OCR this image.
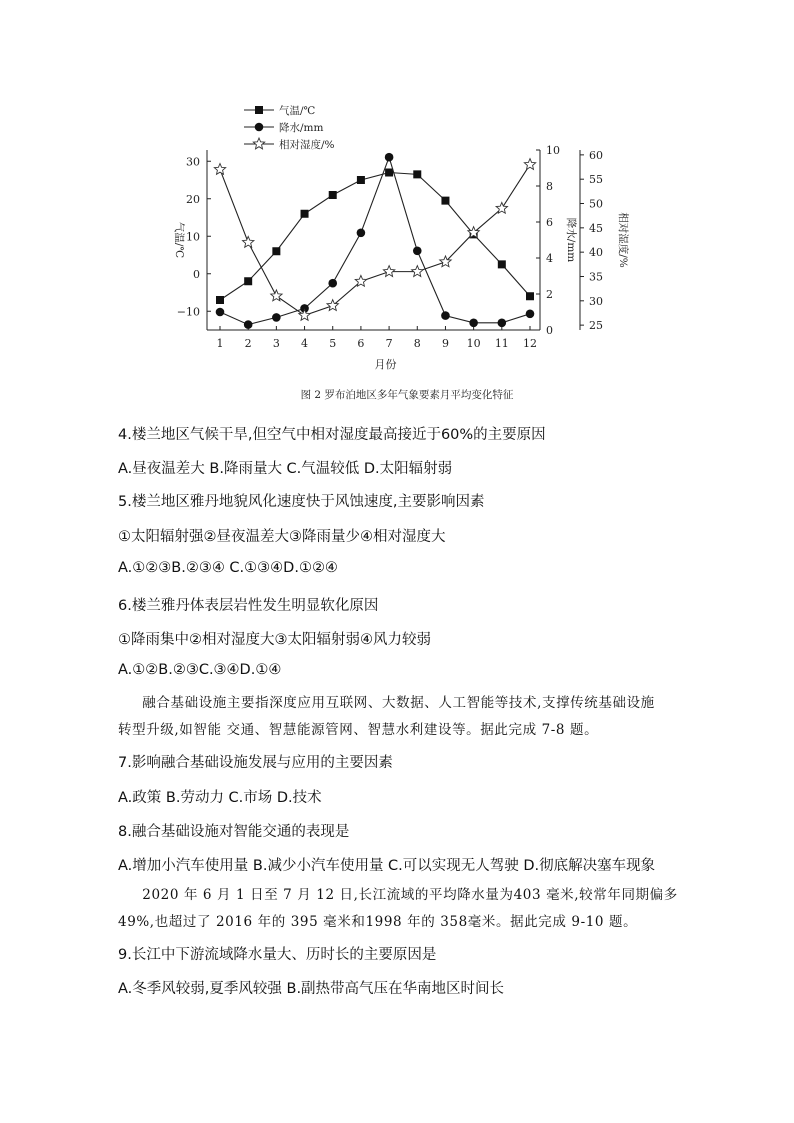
1 2 3 4 5 6 7 8 9 10 11 12
月份
−10
0
10
20
30
气温/℃
0
2
4
6
8
10
降水/mm
25
30
35
40
45
50
55
60
相对湿度/%
气温/℃
降水/mm
相对湿度/%
图 2 罗布泊地区多年气象要素月平均变化特征
4.楼兰地区气候干旱,但空气中相对湿度最高接近于60%的主要原因
A.昼夜温差大 B.降雨量大 C.气温较低 D.太阳辐射弱
5.楼兰地区雅丹地貌风化速度快于风蚀速度,主要影响因素
①太阳辐射强②昼夜温差大③降雨量少④相对湿度大
A.①②③B.②③④ C.①③④D.①②④
6.楼兰雅丹体表层岩性发生明显软化原因
①降雨集中②相对湿度大③太阳辐射弱④风力较弱
A.①②B.②③C.③④D.①④
融合基础设施主要指深度应用互联网、大数据、人工智能等技术,支撑传统基础设施
转型升级,如智能 交通、智慧能源管网、智慧水利建设等。据此完成 7-8 题。
7.影响融合基础设施发展与应用的主要因素
A.政策 B.劳动力 C.市场 D.技术
8.融合基础设施对智能交通的表现是
A.增加小汽车使用量 B.减少小汽车使用量 C.可以实现无人驾驶 D.彻底解决塞车现象
2020 年 6 月 1 日至 7 月 12 日,长江流域的平均降水量为403 毫米,较常年同期偏多
49%,也超过了 2016 年的 395 毫米和1998 年的 358毫米。据此完成 9-10 题。
9.长江中下游流域降水量大、历时长的主要原因是
A.冬季风较弱,夏季风较强 B.副热带高气压在华南地区时间长
